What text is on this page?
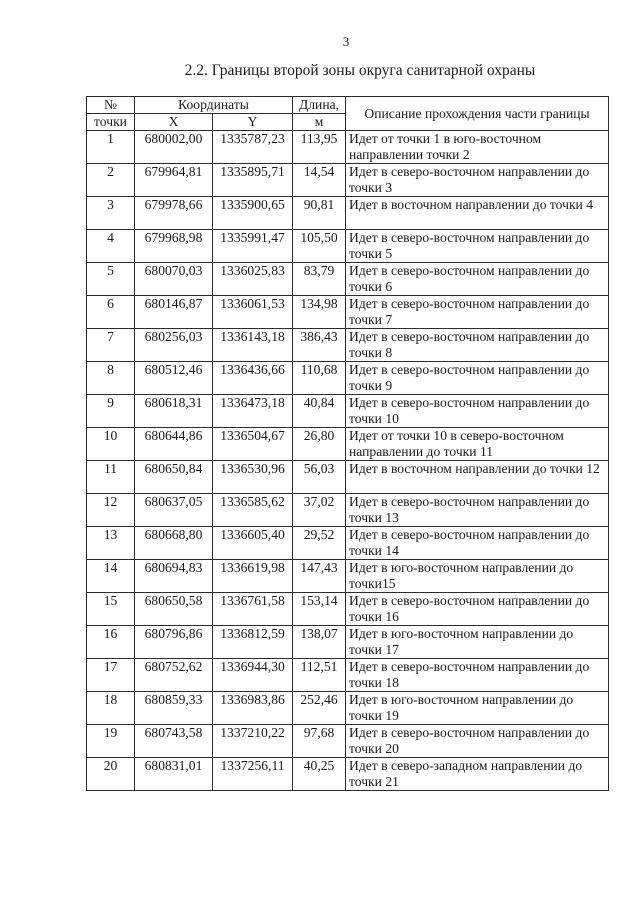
3
2.2. Границы второй зоны округа санитарной охраны
№	Координаты		Длина,	Описание прохождения части границы
точки	X	Y	м	
1	680002,00	1335787,23	113,95	Идет от точки 1 в юго-восточном направлении точки 2
2	679964,81	1335895,71	14,54	Идет в северо-восточном направлении до точки 3
3	679978,66	1335900,65	90,81	Идет в восточном направлении до точки 4
4	679968,98	1335991,47	105,50	Идет в северо-восточном направлении до точки 5
5	680070,03	1336025,83	83,79	Идет в северо-восточном направлении до точки 6
6	680146,87	1336061,53	134,98	Идет в северо-восточном направлении до точки 7
7	680256,03	1336143,18	386,43	Идет в северо-восточном направлении до точки 8
8	680512,46	1336436,66	110,68	Идет в северо-восточном направлении до точки 9
9	680618,31	1336473,18	40,84	Идет в северо-восточном направлении до точки 10
10	680644,86	1336504,67	26,80	Идет от точки 10 в северо-восточном направлении до точки 11
11	680650,84	1336530,96	56,03	Идет в восточном направлении до точки 12
12	680637,05	1336585,62	37,02	Идет в северо-восточном направлении до точки 13
13	680668,80	1336605,40	29,52	Идет в северо-восточном направлении до точки 14
14	680694,83	1336619,98	147,43	Идет в юго-восточном направлении до точки15
15	680650,58	1336761,58	153,14	Идет в северо-восточном направлении до точки 16
16	680796,86	1336812,59	138,07	Идет в юго-восточном направлении до точки 17
17	680752,62	1336944,30	112,51	Идет в северо-восточном направлении до точки 18
18	680859,33	1336983,86	252,46	Идет в юго-восточном направлении до точки 19
19	680743,58	1337210,22	97,68	Идет в северо-восточном направлении до точки 20
20	680831,01	1337256,11	40,25	Идет в северо-западном направлении до точки 21
